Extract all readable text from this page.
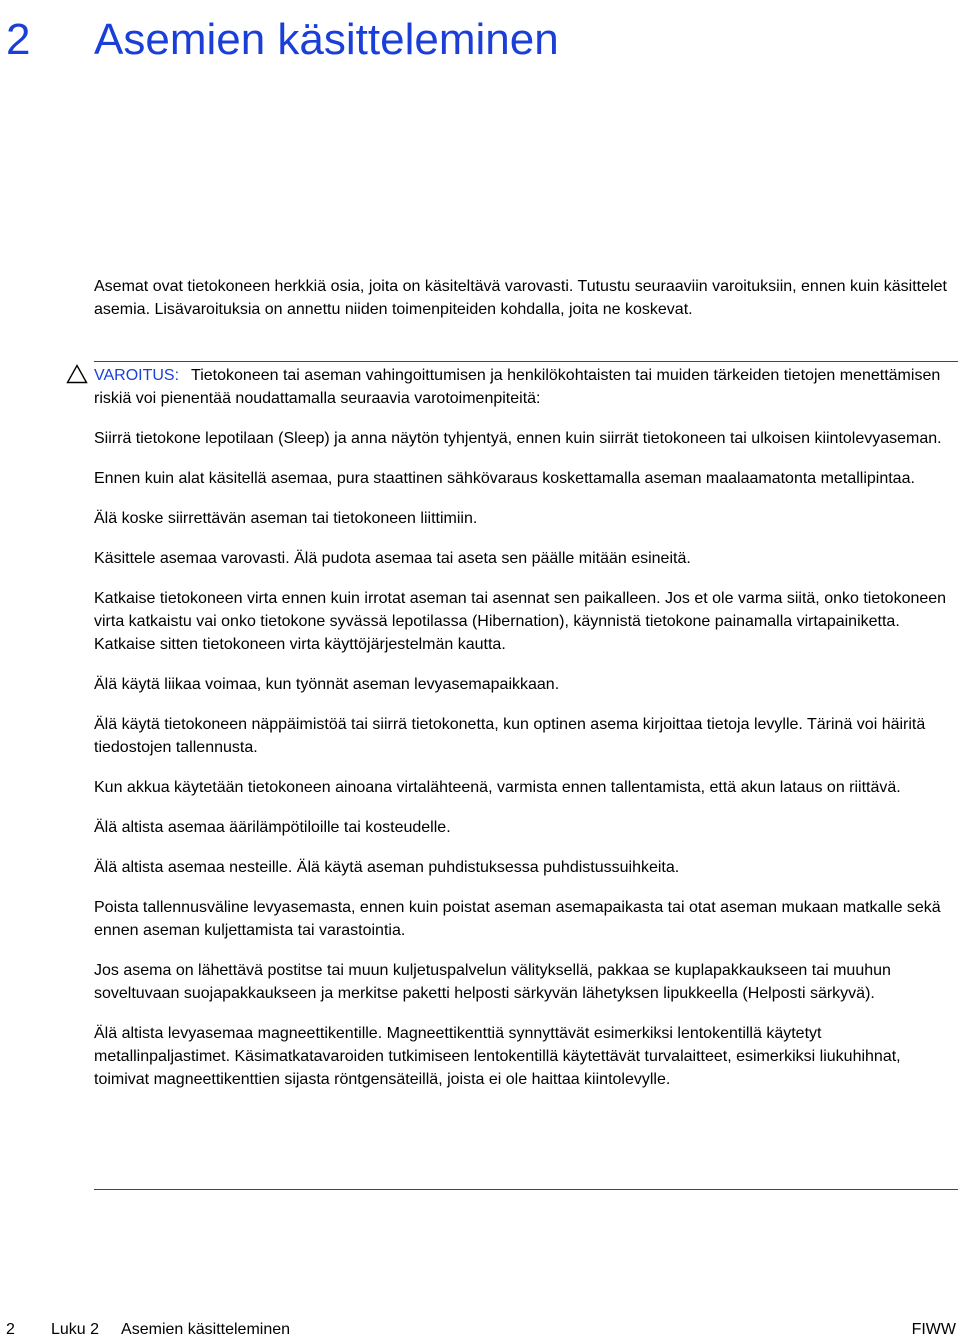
2 Asemien käsitteleminen

Asemat ovat tietokoneen herkkiä osia, joita on käsiteltävä varovasti. Tutustu seuraaviin varoituksiin, ennen kuin käsittelet asemia. Lisävaroituksia on annettu niiden toimenpiteiden kohdalla, joita ne koskevat.

VAROITUS: Tietokoneen tai aseman vahingoittumisen ja henkilökohtaisten tai muiden tärkeiden tietojen menettämisen riskiä voi pienentää noudattamalla seuraavia varotoimenpiteitä:

Siirrä tietokone lepotilaan (Sleep) ja anna näytön tyhjentyä, ennen kuin siirrät tietokoneen tai ulkoisen kiintolevyaseman.

Ennen kuin alat käsitellä asemaa, pura staattinen sähkövaraus koskettamalla aseman maalaamatonta metallipintaa.

Älä koske siirrettävän aseman tai tietokoneen liittimiin.

Käsittele asemaa varovasti. Älä pudota asemaa tai aseta sen päälle mitään esineitä.

Katkaise tietokoneen virta ennen kuin irrotat aseman tai asennat sen paikalleen. Jos et ole varma siitä, onko tietokoneen virta katkaistu vai onko tietokone syvässä lepotilassa (Hibernation), käynnistä tietokone painamalla virtapainiketta. Katkaise sitten tietokoneen virta käyttöjärjestelmän kautta.

Älä käytä liikaa voimaa, kun työnnät aseman levyasemapaikkaan.

Älä käytä tietokoneen näppäimistöä tai siirrä tietokonetta, kun optinen asema kirjoittaa tietoja levylle. Tärinä voi häiritä tiedostojen tallennusta.

Kun akkua käytetään tietokoneen ainoana virtalähteenä, varmista ennen tallentamista, että akun lataus on riittävä.

Älä altista asemaa äärilämpötiloille tai kosteudelle.

Älä altista asemaa nesteille. Älä käytä aseman puhdistuksessa puhdistussuihkeita.

Poista tallennusväline levyasemasta, ennen kuin poistat aseman asemapaikasta tai otat aseman mukaan matkalle sekä ennen aseman kuljettamista tai varastointia.

Jos asema on lähettävä postitse tai muun kuljetuspalvelun välityksellä, pakkaa se kuplapakkaukseen tai muuhun soveltuvaan suojapakkaukseen ja merkitse paketti helposti särkyvän lähetyksen lipukkeella (Helposti särkyvä).

Älä altista levyasemaa magneettikentille. Magneettikenttiä synnyttävät esimerkiksi lentokentillä käytetyt metallinpaljastimet. Käsimatkatavaroiden tutkimiseen lentokentillä käytettävät turvalaitteet, esimerkiksi liukuhihnat, toimivat magneettikenttien sijasta röntgensäteillä, joista ei ole haittaa kiintolevylle.

2 Luku 2 Asemien käsitteleminen	FIWW
